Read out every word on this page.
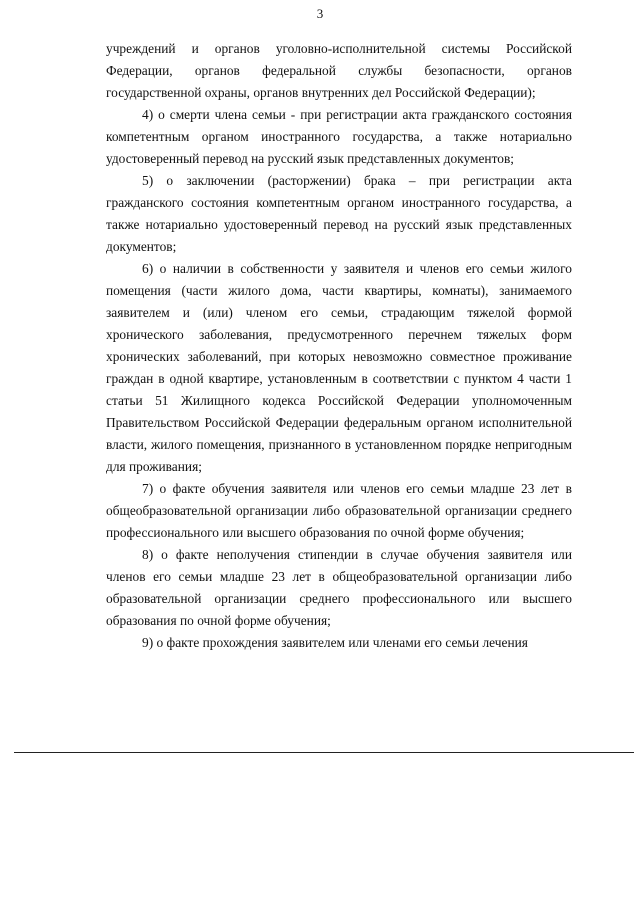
3

учреждений и органов уголовно-исполнительной системы Российской Федерации, органов федеральной службы безопасности, органов государственной охраны, органов внутренних дел Российской Федерации);

4) о смерти члена семьи - при регистрации акта гражданского состояния компетентным органом иностранного государства, а также нотариально удостоверенный перевод на русский язык представленных документов;

5) о заключении (расторжении) брака – при регистрации акта гражданского состояния компетентным органом иностранного государства, а также нотариально удостоверенный перевод на русский язык представленных документов;

6) о наличии в собственности у заявителя и членов его семьи жилого помещения (части жилого дома, части квартиры, комнаты), занимаемого заявителем и (или) членом его семьи, страдающим тяжелой формой хронического заболевания, предусмотренного перечнем тяжелых форм хронических заболеваний, при которых невозможно совместное проживание граждан в одной квартире, установленным в соответствии с пунктом 4 части 1 статьи 51 Жилищного кодекса Российской Федерации уполномоченным Правительством Российской Федерации федеральным органом исполнительной власти, жилого помещения, признанного в установленном порядке непригодным для проживания;

7) о факте обучения заявителя или членов его семьи младше 23 лет в общеобразовательной организации либо образовательной организации среднего профессионального или высшего образования по очной форме обучения;

8) о факте неполучения стипендии в случае обучения заявителя или членов его семьи младше 23 лет в общеобразовательной организации либо образовательной организации среднего профессионального или высшего образования по очной форме обучения;

9) о факте прохождения заявителем или членами его семьи лечения
